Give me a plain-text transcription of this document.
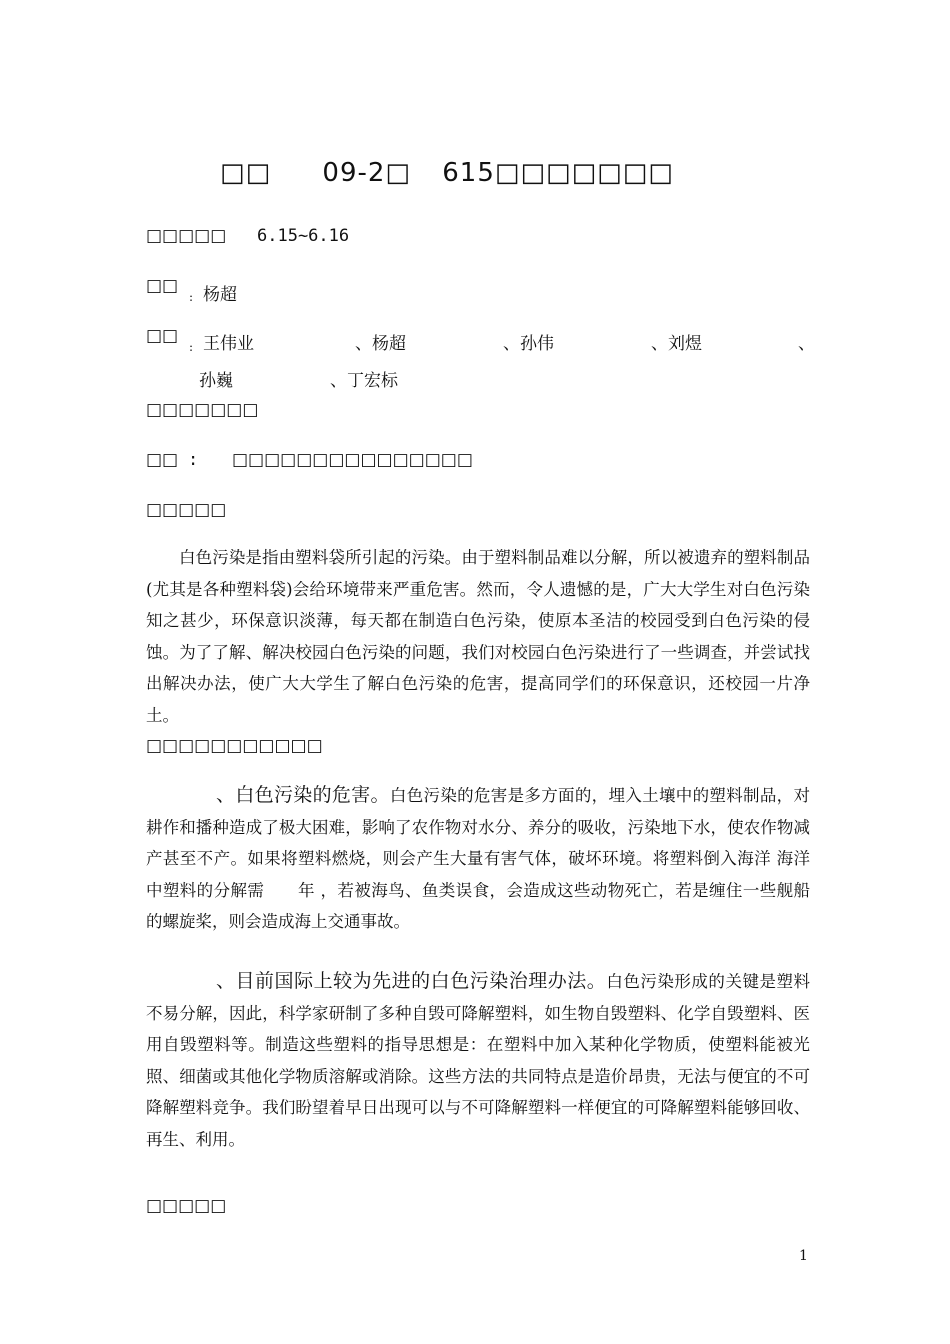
□□ 09-2□ 615□□□□□□□
□□□□□ 6.15~6.16
□□
: 杨超
□□
: 王伟业	、杨超	、孙伟	、刘煜	、
孙巍	、丁宏标
□□□□□□□
□□ : □□□□□□□□□□□□□□□
□□□□□

白色污染是指由塑料袋所引起的污染。由于塑料制品难以分解，所以被遗弃的塑料制品(尤其是各种塑料袋)会给环境带来严重危害。然而，令人遗憾的是，广大大学生对白色污染知之甚少，环保意识淡薄，每天都在制造白色污染，使原本圣洁的校园受到白色污染的侵蚀。为了了解、解决校园白色污染的问题，我们对校园白色污染进行了一些调查，并尝试找出解决办法，使广大大学生了解白色污染的危害，提高同学们的环保意识，还校园一片净土。

□□□□□□□□□□□

、白色污染的危害。白色污染的危害是多方面的，埋入土壤中的塑料制品，对耕作和播种造成了极大困难，影响了农作物对水分、养分的吸收，污染地下水，使农作物减产甚至不产。如果将塑料燃烧，则会产生大量有害气体，破坏环境。将塑料倒入海洋 海洋中塑料的分解需　　年 ，若被海鸟、鱼类误食，会造成这些动物死亡，若是缠住一些舰船的螺旋桨，则会造成海上交通事故。

、目前国际上较为先进的白色污染治理办法。白色污染形成的关键是塑料不易分解，因此，科学家研制了多种自毁可降解塑料，如生物自毁塑料、化学自毁塑料、医用自毁塑料等。制造这些塑料的指导思想是：在塑料中加入某种化学物质，使塑料能被光照、细菌或其他化学物质溶解或消除。这些方法的共同特点是造价昂贵，无法与便宜的不可降解塑料竞争。我们盼望着早日出现可以与不可降解塑料一样便宜的可降解塑料能够回收、再生、利用。

□□□□□
1
